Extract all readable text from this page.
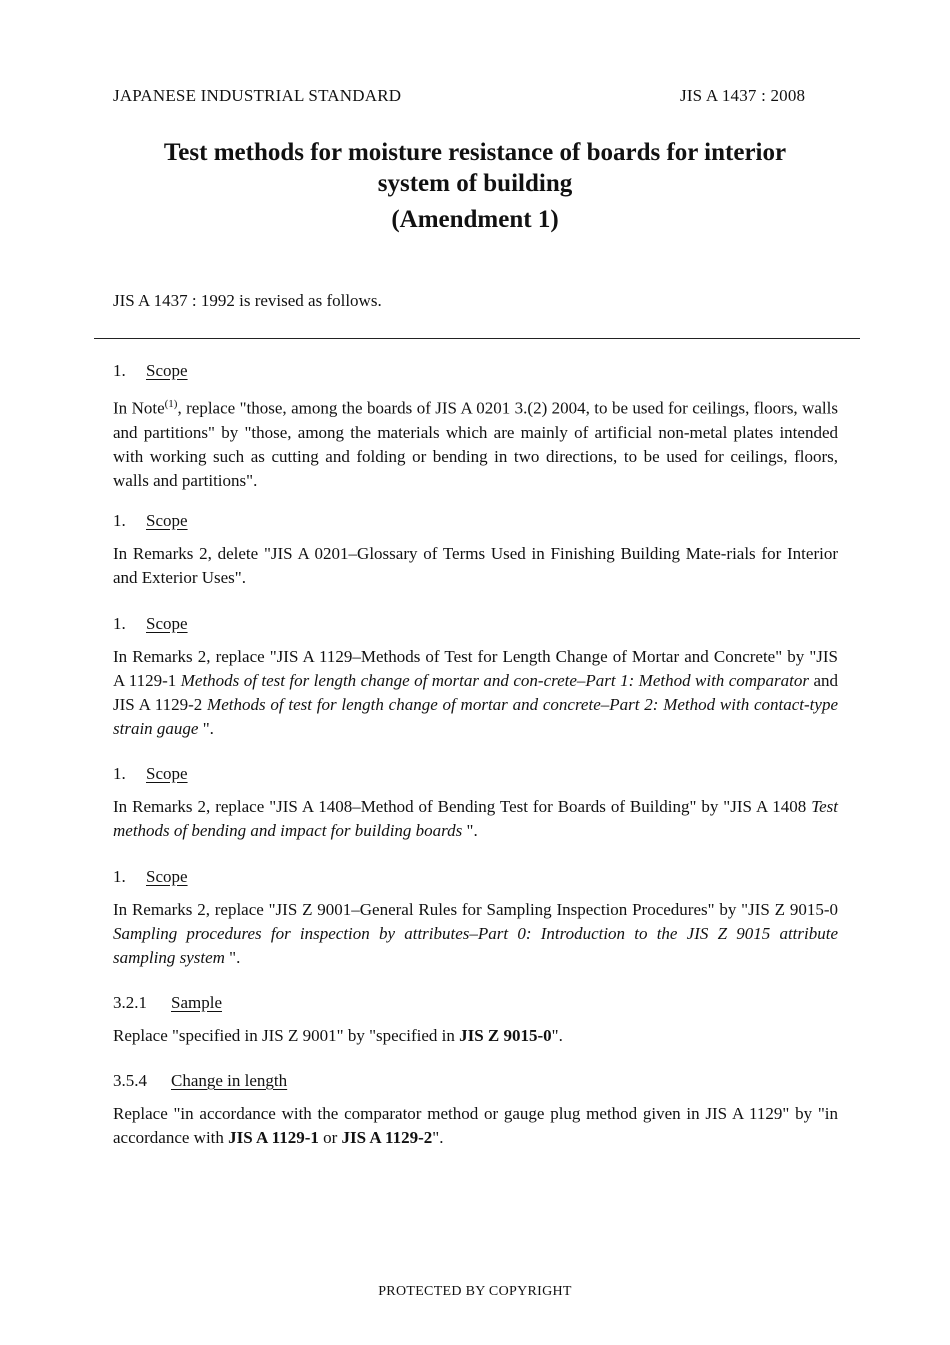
JAPANESE INDUSTRIAL STANDARD	JIS A 1437 : 2008
Test methods for moisture resistance of boards for interior
system of building
(Amendment 1)
JIS A 1437 : 1992 is revised as follows.
1. Scope
In Note$^{(1)}$, replace "those, among the boards of JIS A 0201 3.(2) 2004, to be used for ceilings, floors, walls and partitions" by "those, among the materials which are mainly of artificial non-metal plates intended with working such as cutting and folding or bending in two directions, to be used for ceilings, floors, walls and partitions".
1. Scope
In Remarks 2, delete "JIS A 0201–Glossary of Terms Used in Finishing Building Mate-rials for Interior and Exterior Uses".
1. Scope
In Remarks 2, replace "JIS A 1129–Methods of Test for Length Change of Mortar and Concrete" by "JIS A 1129-1 Methods of test for length change of mortar and con-crete–Part 1: Method with comparator and JIS A 1129-2 Methods of test for length change of mortar and concrete–Part 2: Method with contact-type strain gauge ".
1. Scope
In Remarks 2, replace "JIS A 1408–Method of Bending Test for Boards of Building" by "JIS A 1408 Test methods of bending and impact for building boards ".
1. Scope
In Remarks 2, replace "JIS Z 9001–General Rules for Sampling Inspection Procedures" by "JIS Z 9015-0 Sampling procedures for inspection by attributes–Part 0: Introduction to the JIS Z 9015 attribute sampling system ".
3.2.1 Sample
Replace "specified in JIS Z 9001" by "specified in JIS Z 9015-0".
3.5.4 Change in length
Replace "in accordance with the comparator method or gauge plug method given in JIS A 1129" by "in accordance with JIS A 1129-1 or JIS A 1129-2".
PROTECTED BY COPYRIGHT
